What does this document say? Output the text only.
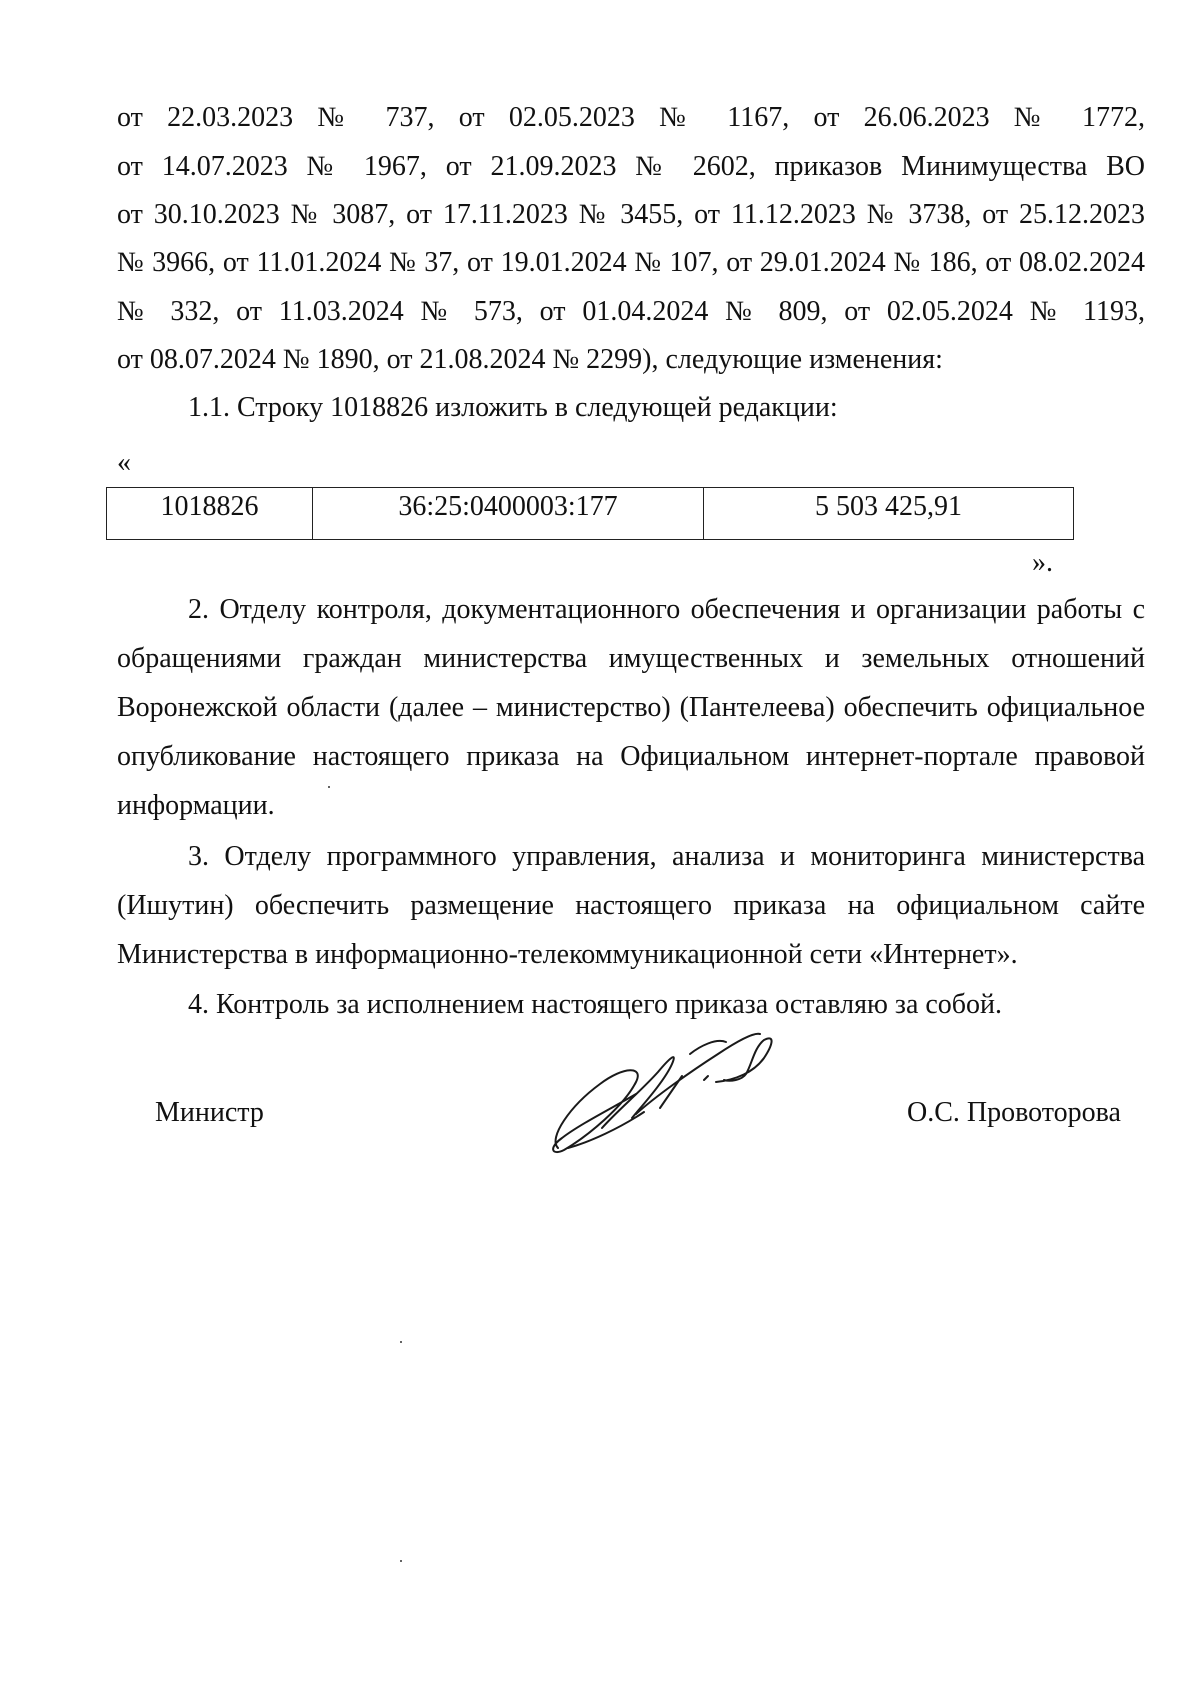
от 22.03.2023 № 737, от 02.05.2023 № 1167, от 26.06.2023 № 1772,
от 14.07.2023 № 1967, от 21.09.2023 № 2602, приказов Минимущества ВО
от 30.10.2023 № 3087, от 17.11.2023 № 3455, от 11.12.2023 № 3738, от 25.12.2023
№ 3966, от 11.01.2024 № 37, от 19.01.2024 № 107, от 29.01.2024 № 186, от 08.02.2024
№ 332, от 11.03.2024 № 573, от 01.04.2024 № 809, от 02.05.2024 № 1193,
от 08.07.2024 № 1890, от 21.08.2024 № 2299), следующие изменения:

1.1. Строку 1018826 изложить в следующей редакции:

«

1018826	36:25:0400003:177	5 503 425,91

».

2. Отделу контроля, документационного обеспечения и организации работы с обращениями граждан министерства имущественных и земельных отношений Воронежской области (далее – министерство) (Пантелеева) обеспечить официальное опубликование настоящего приказа на Официальном интернет-портале правовой информации.

3. Отделу программного управления, анализа и мониторинга министерства (Ишутин) обеспечить размещение настоящего приказа на официальном сайте Министерства в информационно-телекоммуникационной сети «Интернет».

4. Контроль за исполнением настоящего приказа оставляю за собой.

Министр	О.С. Провоторова
